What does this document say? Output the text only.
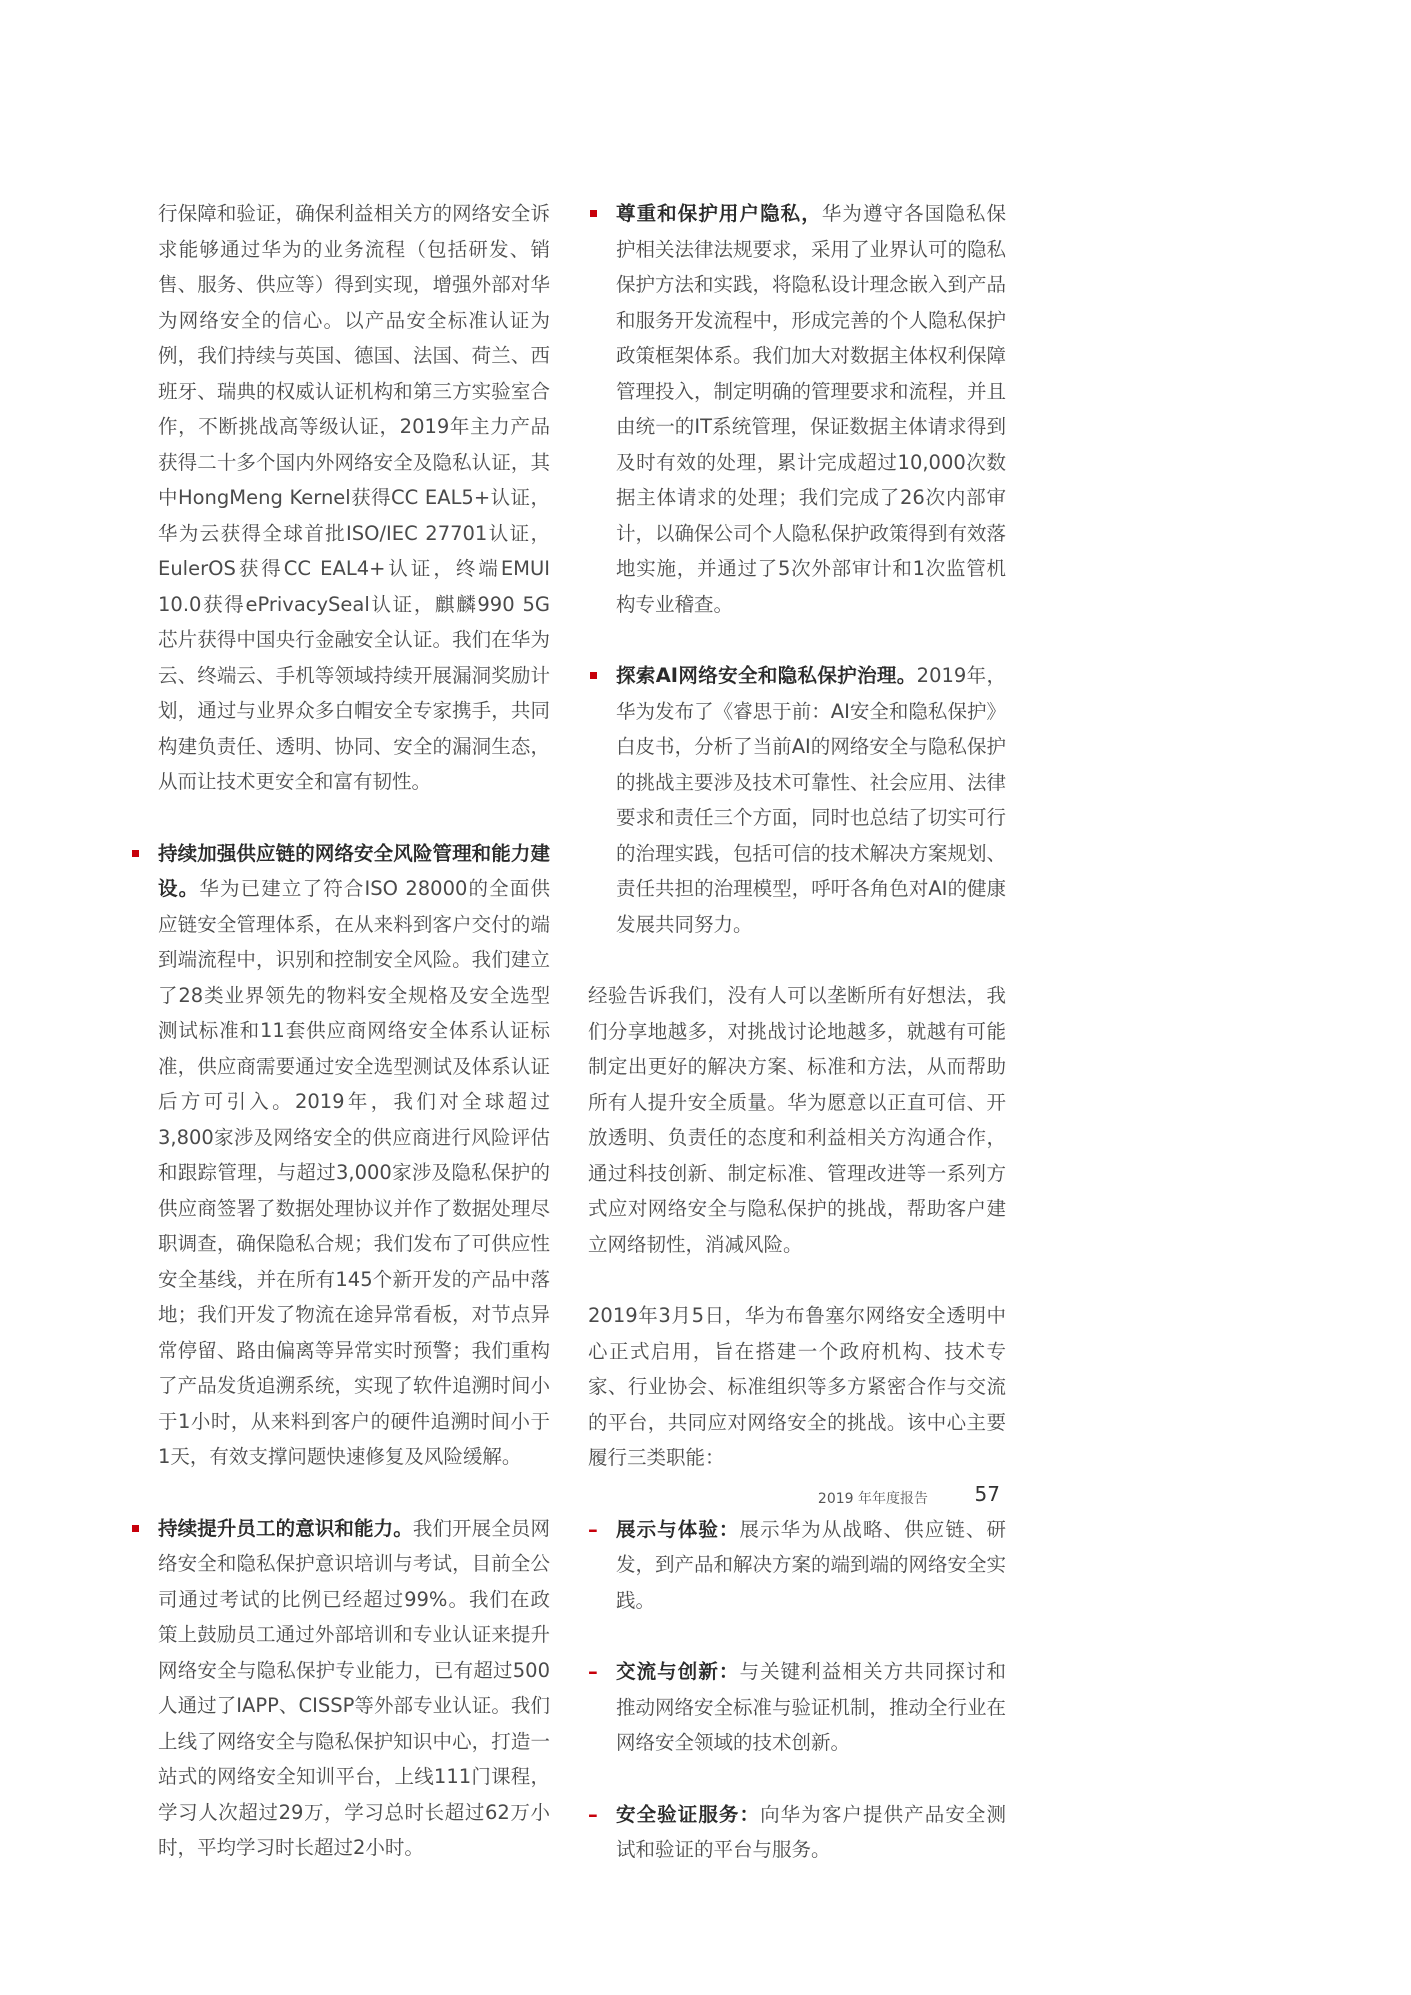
行保障和验证，确保利益相关方的网络安全诉求能够通过华为的业务流程（包括研发、销售、服务、供应等）得到实现，增强外部对华为网络安全的信心。以产品安全标准认证为例，我们持续与英国、德国、法国、荷兰、西班牙、瑞典的权威认证机构和第三方实验室合作，不断挑战高等级认证，2019年主力产品获得二十多个国内外网络安全及隐私认证，其中HongMeng Kernel获得CC EAL5+认证，华为云获得全球首批ISO/IEC 27701认证，EulerOS获得CC EAL4+认证，终端EMUI 10.0获得ePrivacySeal认证，麒麟990 5G芯片获得中国央行金融安全认证。我们在华为云、终端云、手机等领域持续开展漏洞奖励计划，通过与业界众多白帽安全专家携手，共同构建负责任、透明、协同、安全的漏洞生态，从而让技术更安全和富有韧性。

持续加强供应链的网络安全风险管理和能力建设。华为已建立了符合ISO 28000的全面供应链安全管理体系，在从来料到客户交付的端到端流程中，识别和控制安全风险。我们建立了28类业界领先的物料安全规格及安全选型测试标准和11套供应商网络安全体系认证标准，供应商需要通过安全选型测试及体系认证后方可引入。2019年，我们对全球超过3,800家涉及网络安全的供应商进行风险评估和跟踪管理，与超过3,000家涉及隐私保护的供应商签署了数据处理协议并作了数据处理尽职调查，确保隐私合规；我们发布了可供应性安全基线，并在所有145个新开发的产品中落地；我们开发了物流在途异常看板，对节点异常停留、路由偏离等异常实时预警；我们重构了产品发货追溯系统，实现了软件追溯时间小于1小时，从来料到客户的硬件追溯时间小于1天，有效支撑问题快速修复及风险缓解。
持续提升员工的意识和能力。我们开展全员网络安全和隐私保护意识培训与考试，目前全公司通过考试的比例已经超过99%。我们在政策上鼓励员工通过外部培训和专业认证来提升网络安全与隐私保护专业能力，已有超过500人通过了IAPP、CISSP等外部专业认证。我们上线了网络安全与隐私保护知识中心，打造一站式的网络安全知训平台，上线111门课程，学习人次超过29万，学习总时长超过62万小时，平均学习时长超过2小时。
尊重和保护用户隐私，华为遵守各国隐私保护相关法律法规要求，采用了业界认可的隐私保护方法和实践，将隐私设计理念嵌入到产品和服务开发流程中，形成完善的个人隐私保护政策框架体系。我们加大对数据主体权利保障管理投入，制定明确的管理要求和流程，并且由统一的IT系统管理，保证数据主体请求得到及时有效的处理，累计完成超过10,000次数据主体请求的处理；我们完成了26次内部审计，以确保公司个人隐私保护政策得到有效落地实施，并通过了5次外部审计和1次监管机构专业稽查。
探索AI网络安全和隐私保护治理。2019年，华为发布了《睿思于前：AI安全和隐私保护》白皮书，分析了当前AI的网络安全与隐私保护的挑战主要涉及技术可靠性、社会应用、法律要求和责任三个方面，同时也总结了切实可行的治理实践，包括可信的技术解决方案规划、责任共担的治理模型，呼吁各角色对AI的健康发展共同努力。

经验告诉我们，没有人可以垄断所有好想法，我们分享地越多，对挑战讨论地越多，就越有可能制定出更好的解决方案、标准和方法，从而帮助所有人提升安全质量。华为愿意以正直可信、开放透明、负责任的态度和利益相关方沟通合作，通过科技创新、制定标准、管理改进等一系列方式应对网络安全与隐私保护的挑战，帮助客户建立网络韧性，消减风险。

2019年3月5日，华为布鲁塞尔网络安全透明中心正式启用，旨在搭建一个政府机构、技术专家、行业协会、标准组织等多方紧密合作与交流的平台，共同应对网络安全的挑战。该中心主要履行三类职能：

– 展示与体验：展示华为从战略、供应链、研发，到产品和解决方案的端到端的网络安全实践。
– 交流与创新：与关键利益相关方共同探讨和推动网络安全标准与验证机制，推动全行业在网络安全领域的技术创新。
– 安全验证服务：向华为客户提供产品安全测试和验证的平台与服务。
2019 年年度报告 57
